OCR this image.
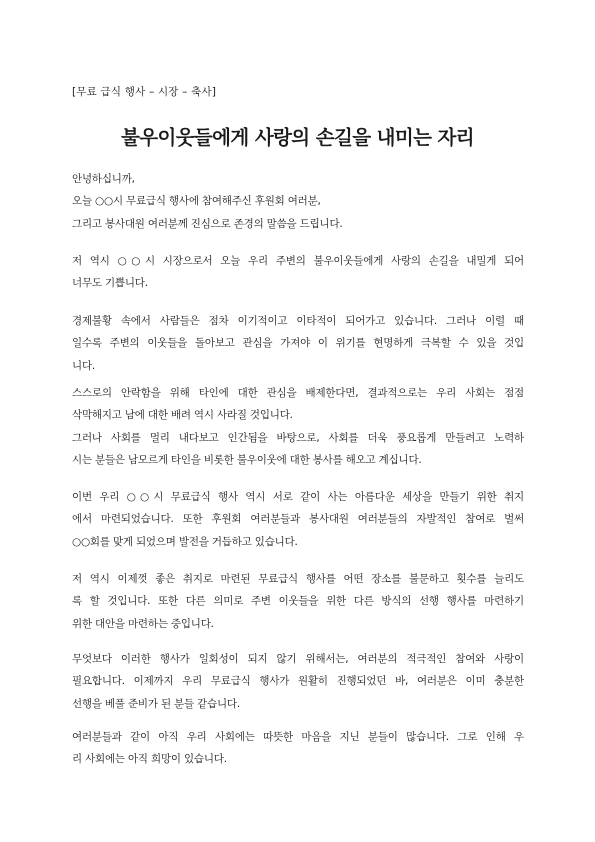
[무료 급식 행사 – 시장 – 축사]
불우이웃들에게 사랑의 손길을 내미는 자리
안녕하십니까,
오늘 ○○시 무료급식 행사에 참여해주신 후원회 여러분,
그리고 봉사대원 여러분께 진심으로 존경의 말씀을 드립니다.
저 역시 ○○시 시장으로서 오늘 우리 주변의 불우이웃들에게 사랑의 손길을 내밀게 되어
너무도 기쁩니다.
경제불황 속에서 사람들은 점차 이기적이고 이타적이 되어가고 있습니다. 그러나 이럴 때
일수록 주변의 이웃들을 돌아보고 관심을 가져야 이 위기를 현명하게 극복할 수 있을 것입
니다.
스스로의 안락함을 위해 타인에 대한 관심을 배제한다면, 결과적으로는 우리 사회는 점점
삭막해지고 남에 대한 배려 역시 사라질 것입니다.
그러나 사회를 멀리 내다보고 인간됨을 바탕으로, 사회를 더욱 풍요롭게 만들려고 노력하
시는 분들은 남모르게 타인을 비롯한 불우이웃에 대한 봉사를 해오고 계십니다.
이번 우리 ○○시 무료급식 행사 역시 서로 같이 사는 아름다운 세상을 만들기 위한 취지
에서 마련되었습니다. 또한 후원회 여러분들과 봉사대원 여러분들의 자발적인 참여로 벌써
○○회를 맞게 되었으며 발전을 거듭하고 있습니다.
저 역시 이제껏 좋은 취지로 마련된 무료급식 행사를 어떤 장소를 불문하고 횟수를 늘리도
록 할 것입니다. 또한 다른 의미로 주변 이웃들을 위한 다른 방식의 선행 행사를 마련하기
위한 대안을 마련하는 중입니다.
무엇보다 이러한 행사가 일회성이 되지 않기 위해서는, 여러분의 적극적인 참여와 사랑이
필요합니다. 이제까지 우리 무료급식 행사가 원활히 진행되었던 바, 여러분은 이미 충분한
선행을 베풀 준비가 된 분들 같습니다.
여러분들과 같이 아직 우리 사회에는 따뜻한 마음을 지닌 분들이 많습니다. 그로 인해 우
리 사회에는 아직 희망이 있습니다.
